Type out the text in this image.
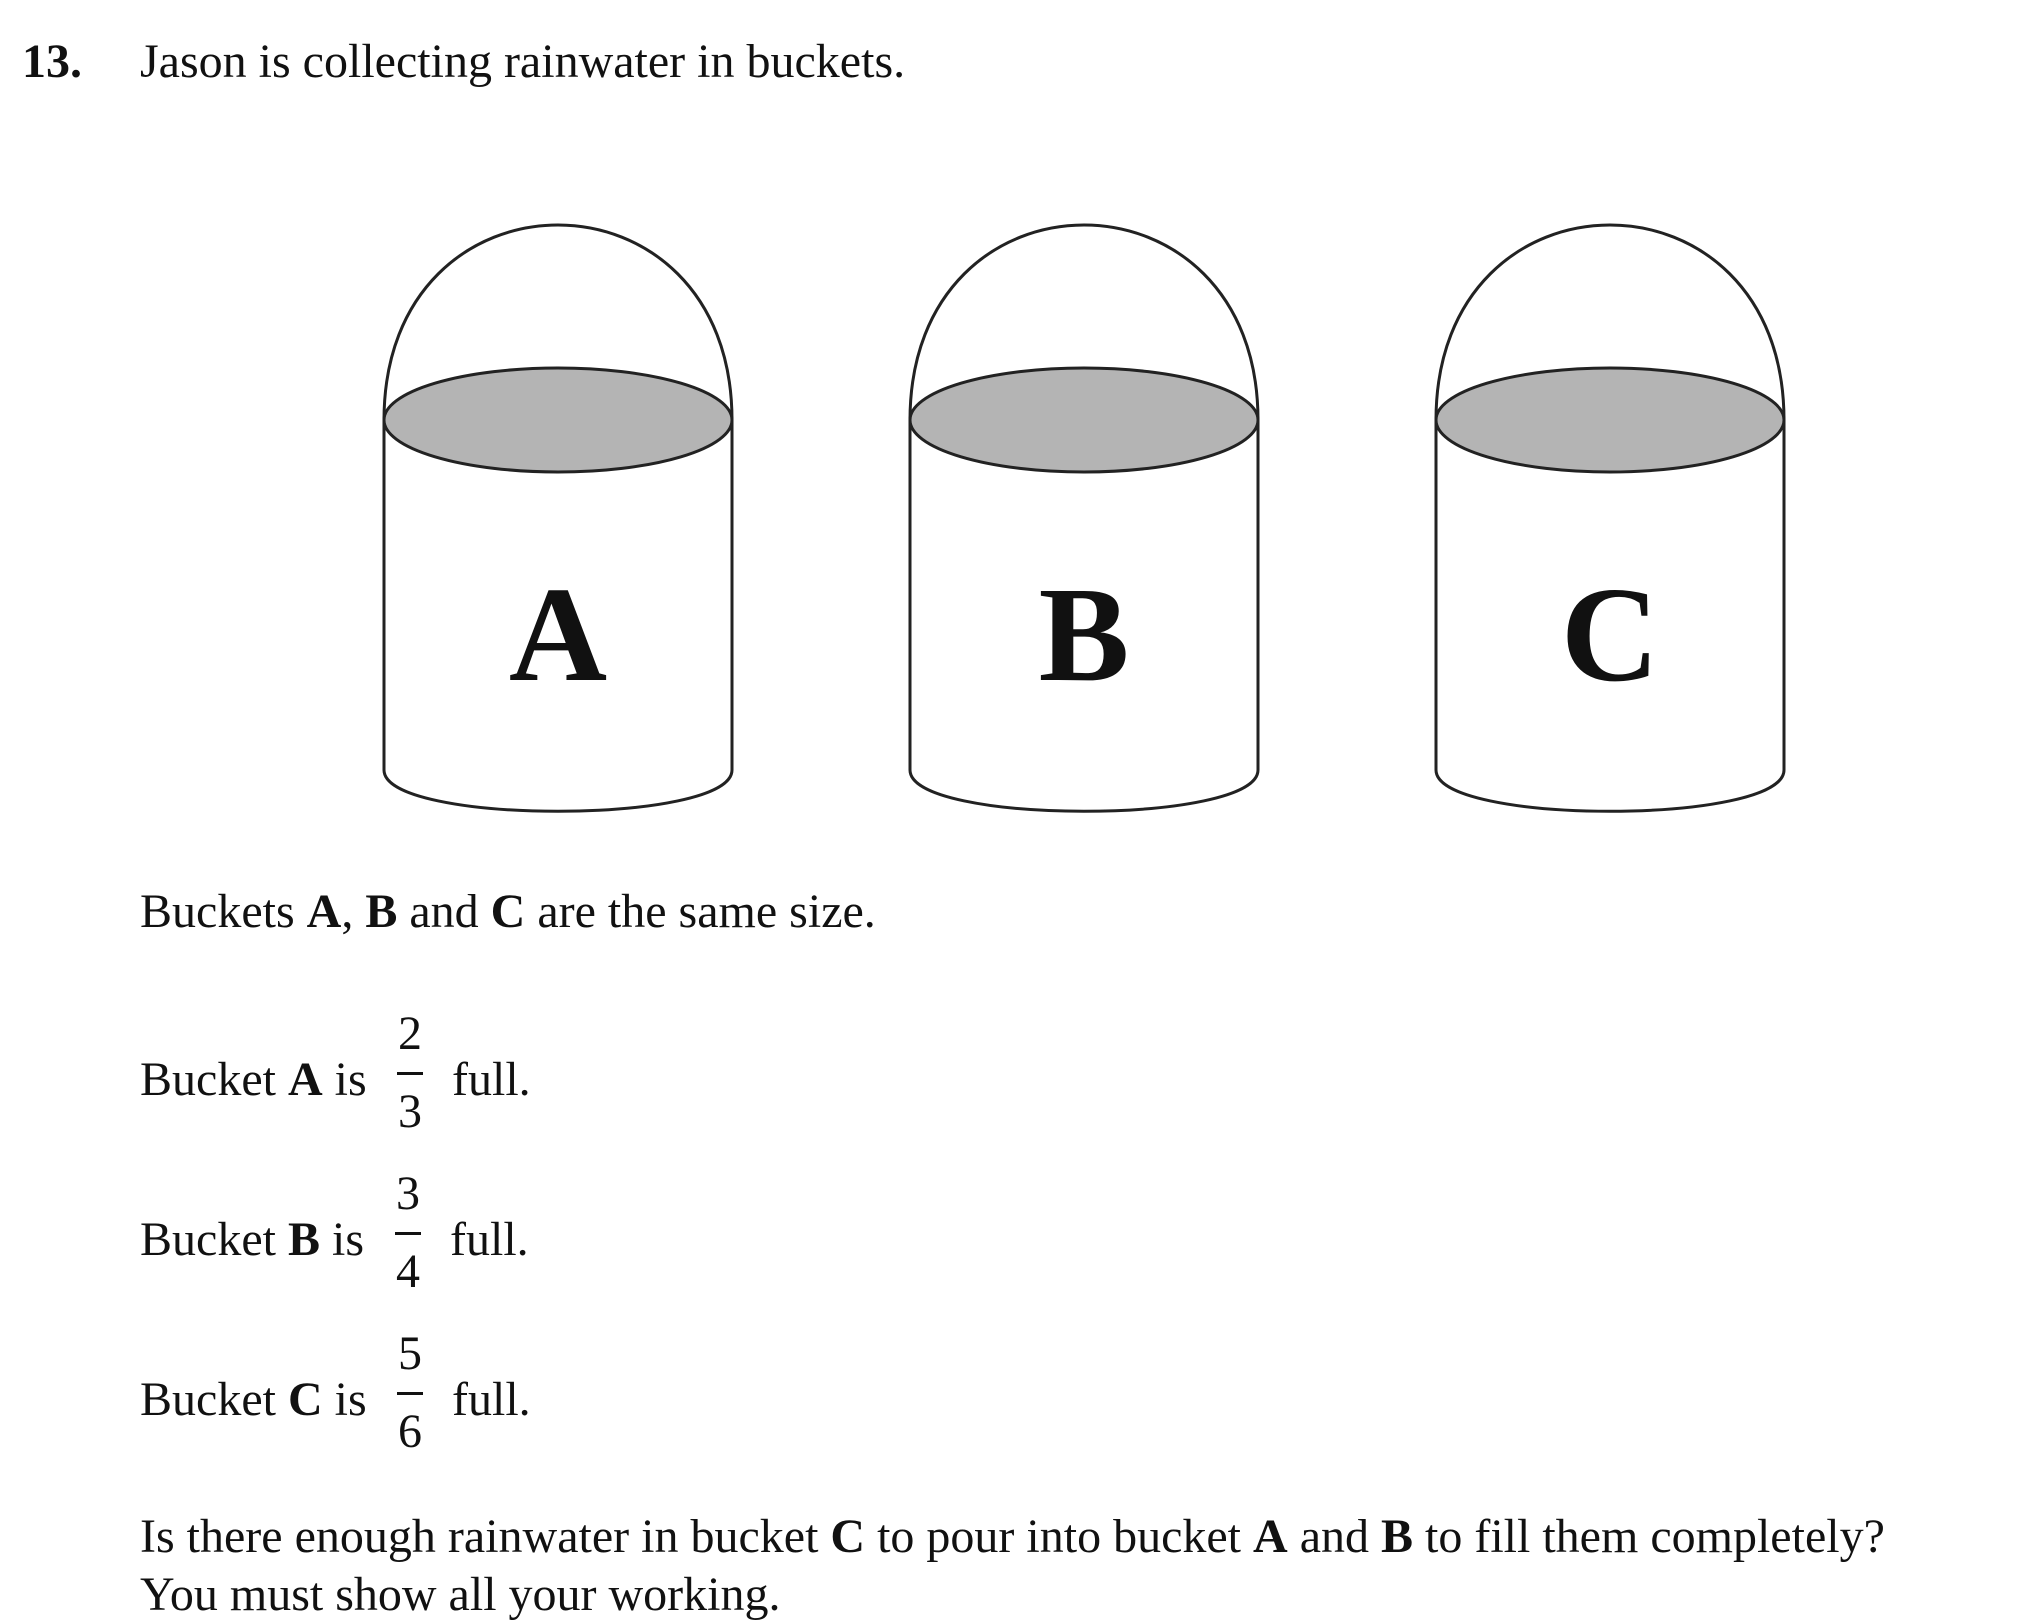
13. Jason is collecting rainwater in buckets.
A	B	C
Buckets A, B and C are the same size.
Bucket A is
2
3
full.
Bucket B is
3
4
full.
Bucket C is
5
6
full.
Is there enough rainwater in bucket C to pour into bucket A and B to fill them completely?
You must show all your working.
